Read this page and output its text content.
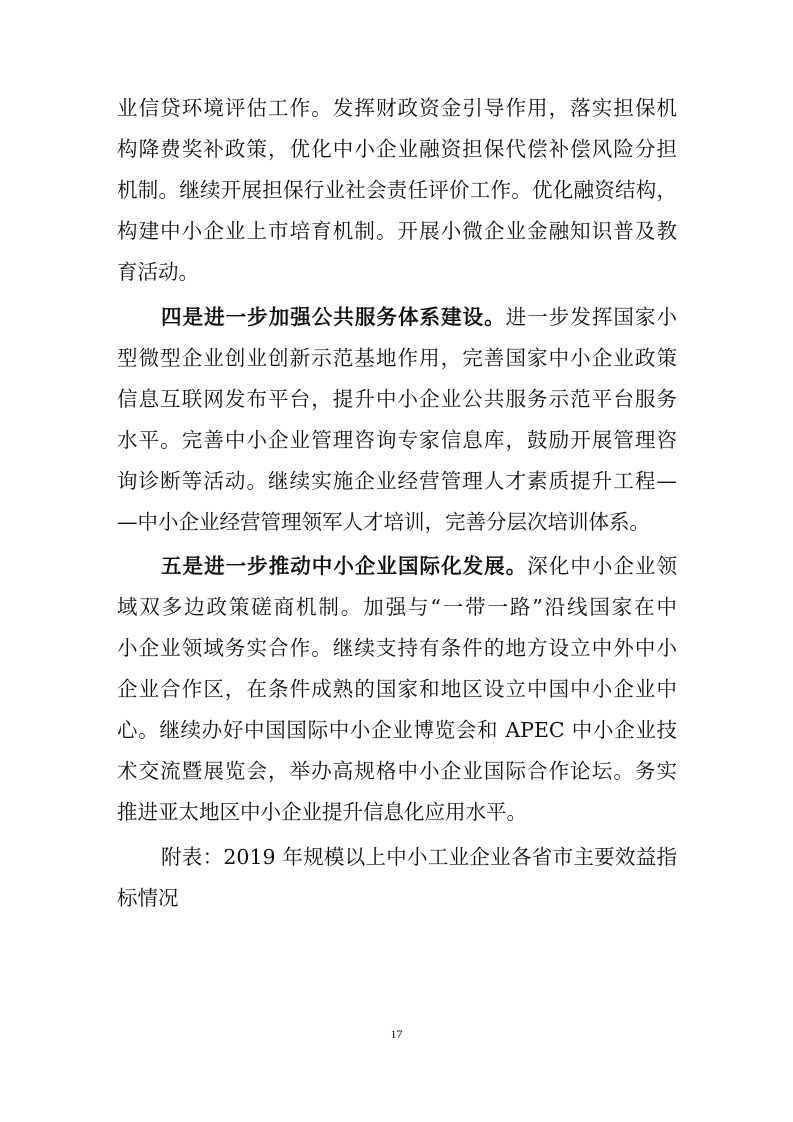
业信贷环境评估工作。发挥财政资金引导作用，落实担保机
构降费奖补政策，优化中小企业融资担保代偿补偿风险分担
机制。继续开展担保行业社会责任评价工作。优化融资结构，
构建中小企业上市培育机制。开展小微企业金融知识普及教
育活动。
四是进一步加强公共服务体系建设。进一步发挥国家小
型微型企业创业创新示范基地作用，完善国家中小企业政策
信息互联网发布平台，提升中小企业公共服务示范平台服务
水平。完善中小企业管理咨询专家信息库，鼓励开展管理咨
询诊断等活动。继续实施企业经营管理人才素质提升工程—
—中小企业经营管理领军人才培训，完善分层次培训体系。
五是进一步推动中小企业国际化发展。深化中小企业领
域双多边政策磋商机制。加强与“一带一路”沿线国家在中
小企业领域务实合作。继续支持有条件的地方设立中外中小
企业合作区，在条件成熟的国家和地区设立中国中小企业中
心。继续办好中国国际中小企业博览会和 APEC 中小企业技
术交流暨展览会，举办高规格中小企业国际合作论坛。务实
推进亚太地区中小企业提升信息化应用水平。
附表：2019 年规模以上中小工业企业各省市主要效益指
标情况
17
